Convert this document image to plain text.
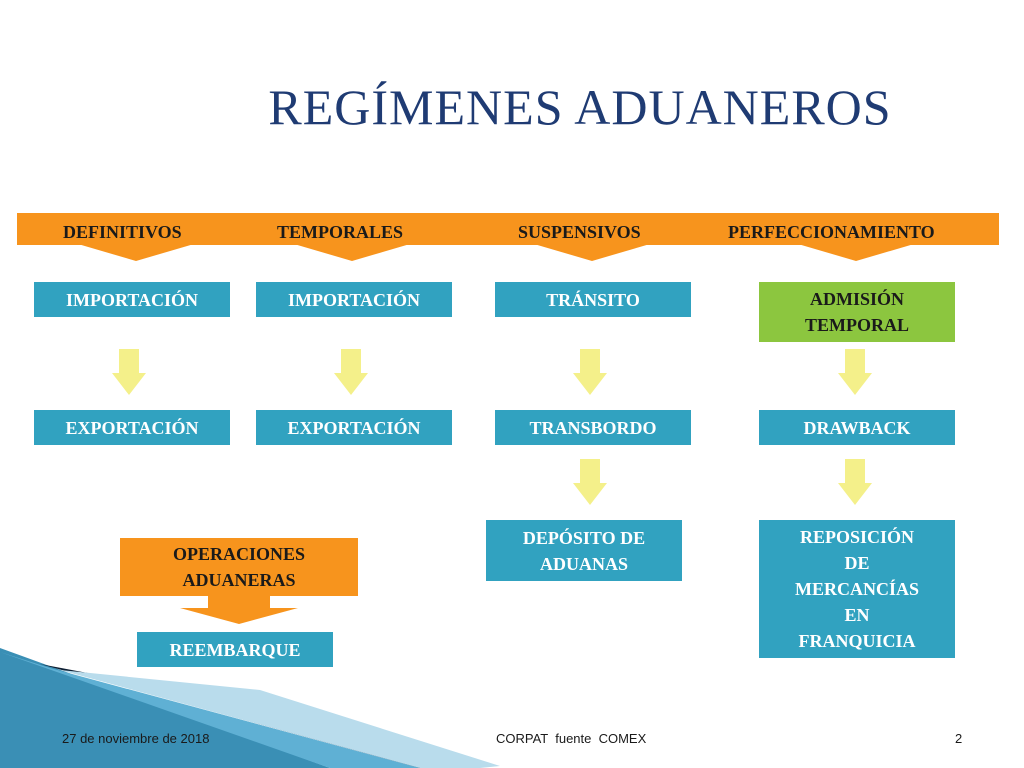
REGÍMENES ADUANEROS
DEFINITIVOS	TEMPORALES	SUSPENSIVOS	PERFECCIONAMIENTO
IMPORTACIÓN	IMPORTACIÓN	TRÁNSITO	ADMISIÓN
TEMPORAL
EXPORTACIÓN	EXPORTACIÓN	TRANSBORDO	DRAWBACK
DEPÓSITO DE
ADUANAS
REPOSICIÓN
DE
MERCANCÍAS
EN
FRANQUICIA
OPERACIONES
ADUANERAS
REEMBARQUE
27 de noviembre de 2018	CORPAT  fuente  COMEX	2
